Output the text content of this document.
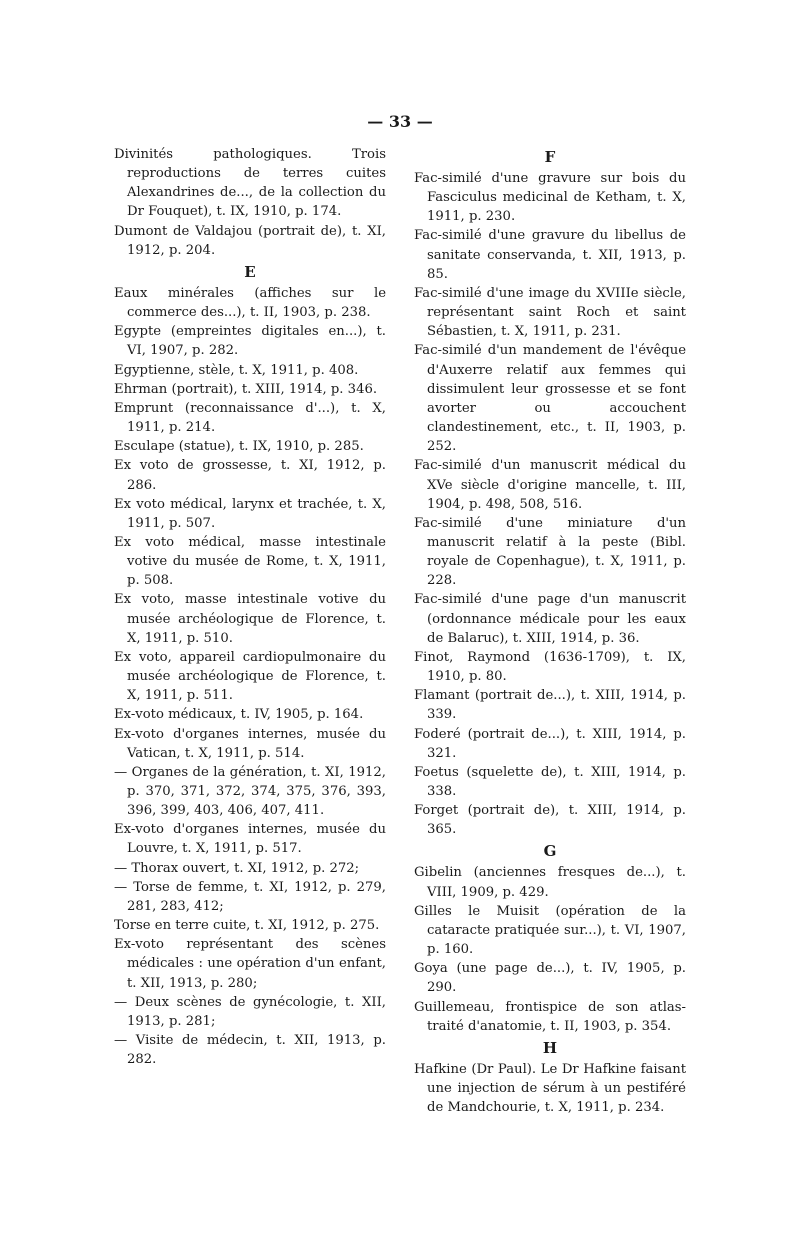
— 33 —
Divinités pathologiques. Trois reproductions de terres cuites Alexandrines de..., de la collection du Dr Fouquet), t. IX, 1910, p. 174.
Dumont de Valdajou (portrait de), t. XI, 1912, p. 204.
E
Eaux minérales (affiches sur le commerce des...), t. II, 1903, p. 238.
Egypte (empreintes digitales en...), t. VI, 1907, p. 282.
Egyptienne, stèle, t. X, 1911, p. 408.
Ehrman (portrait), t. XIII, 1914, p. 346.
Emprunt (reconnaissance d'...), t. X, 1911, p. 214.
Esculape (statue), t. IX, 1910, p. 285.
Ex voto de grossesse, t. XI, 1912, p. 286.
Ex voto médical, larynx et trachée, t. X, 1911, p. 507.
Ex voto médical, masse intestinale votive du musée de Rome, t. X, 1911, p. 508.
Ex voto, masse intestinale votive du musée archéologique de Florence, t. X, 1911, p. 510.
Ex voto, appareil cardiopulmonaire du musée archéologique de Florence, t. X, 1911, p. 511.
Ex-voto médicaux, t. IV, 1905, p. 164.
Ex-voto d'organes internes, musée du Vatican, t. X, 1911, p. 514.
— Organes de la génération, t. XI, 1912, p. 370, 371, 372, 374, 375, 376, 393, 396, 399, 403, 406, 407, 411.
Ex-voto d'organes internes, musée du Louvre, t. X, 1911, p. 517.
— Thorax ouvert, t. XI, 1912, p. 272;
— Torse de femme, t. XI, 1912, p. 279, 281, 283, 412;
Torse en terre cuite, t. XI, 1912, p. 275.
Ex-voto représentant des scènes médicales : une opération d'un enfant, t. XII, 1913, p. 280;
— Deux scènes de gynécologie, t. XII, 1913, p. 281;
— Visite de médecin, t. XII, 1913, p. 282.
F
Fac-similé d'une gravure sur bois du Fasciculus medicinal de Ketham, t. X, 1911, p. 230.
Fac-similé d'une gravure du libellus de sanitate conservanda, t. XII, 1913, p. 85.
Fac-similé d'une image du XVIIIe siècle, représentant saint Roch et saint Sébastien, t. X, 1911, p. 231.
Fac-similé d'un mandement de l'évêque d'Auxerre relatif aux femmes qui dissimulent leur grossesse et se font avorter ou accouchent clandestinement, etc., t. II, 1903, p. 252.
Fac-similé d'un manuscrit médical du XVe siècle d'origine mancelle, t. III, 1904, p. 498, 508, 516.
Fac-similé d'une miniature d'un manuscrit relatif à la peste (Bibl. royale de Copenhague), t. X, 1911, p. 228.
Fac-similé d'une page d'un manuscrit (ordonnance médicale pour les eaux de Balaruc), t. XIII, 1914, p. 36.
Finot, Raymond (1636-1709), t. IX, 1910, p. 80.
Flamant (portrait de...), t. XIII, 1914, p. 339.
Foderé (portrait de...), t. XIII, 1914, p. 321.
Foetus (squelette de), t. XIII, 1914, p. 338.
Forget (portrait de), t. XIII, 1914, p. 365.
G
Gibelin (anciennes fresques de...), t. VIII, 1909, p. 429.
Gilles le Muisit (opération de la cataracte pratiquée sur...), t. VI, 1907, p. 160.
Goya (une page de...), t. IV, 1905, p. 290.
Guillemeau, frontispice de son atlas-traité d'anatomie, t. II, 1903, p. 354.
H
Hafkine (Dr Paul). Le Dr Hafkine faisant une injection de sérum à un pestiféré de Mandchourie, t. X, 1911, p. 234.
